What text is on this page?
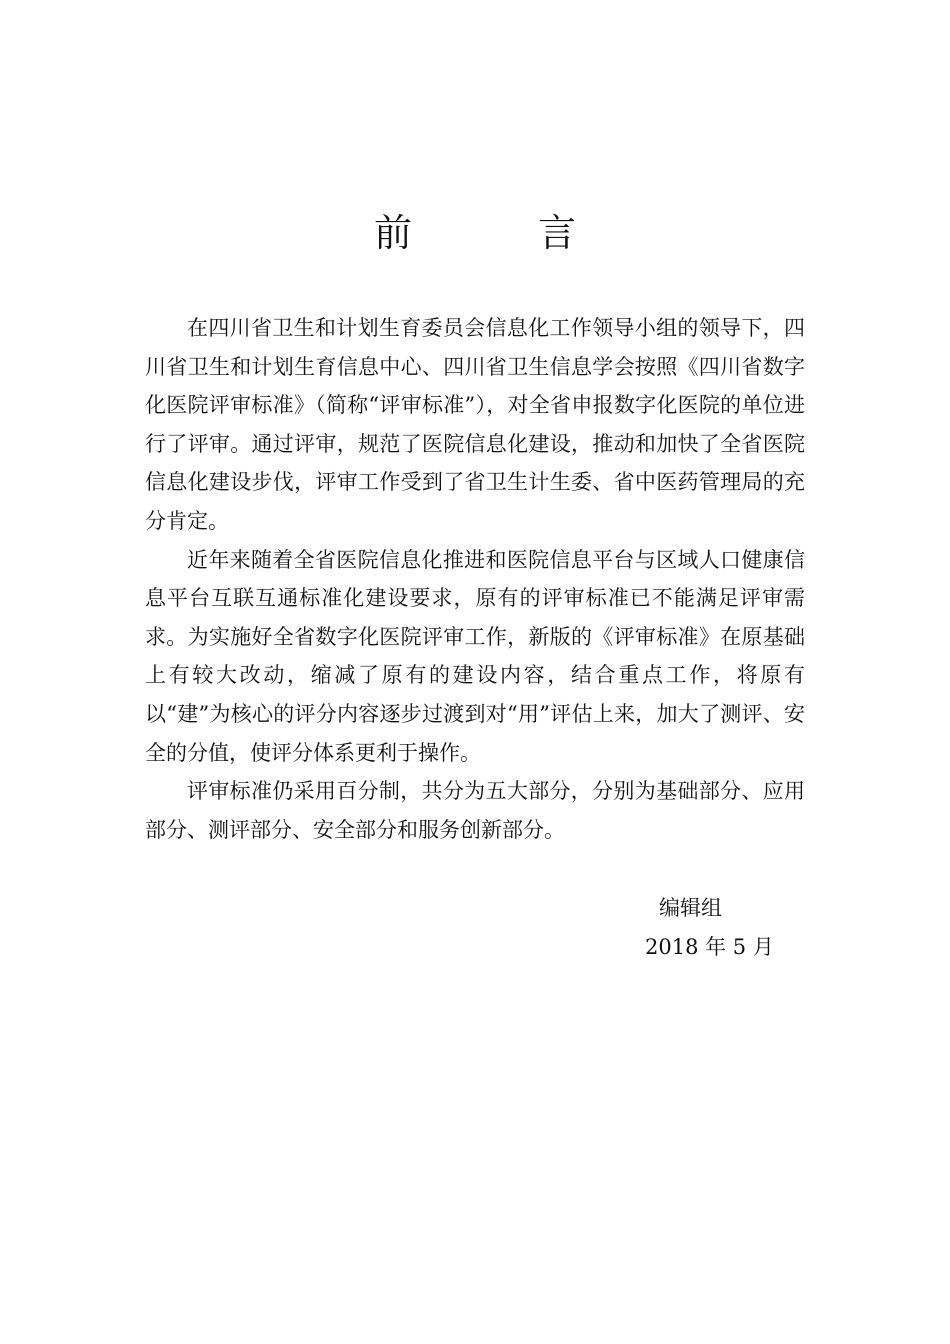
前　言

在四川省卫生和计划生育委员会信息化工作领导小组的领导下，四川省卫生和计划生育信息中心、四川省卫生信息学会按照《四川省数字化医院评审标准》（简称“评审标准”），对全省申报数字化医院的单位进行了评审。通过评审，规范了医院信息化建设，推动和加快了全省医院信息化建设步伐，评审工作受到了省卫生计生委、省中医药管理局的充分肯定。

近年来随着全省医院信息化推进和医院信息平台与区域人口健康信息平台互联互通标准化建设要求，原有的评审标准已不能满足评审需求。为实施好全省数字化医院评审工作，新版的《评审标准》在原基础上有较大改动，缩减了原有的建设内容，结合重点工作，将原有以“建”为核心的评分内容逐步过渡到对“用”评估上来，加大了测评、安全的分值，使评分体系更利于操作。

评审标准仍采用百分制，共分为五大部分，分别为基础部分、应用部分、测评部分、安全部分和服务创新部分。

编辑组
2018 年 5 月
